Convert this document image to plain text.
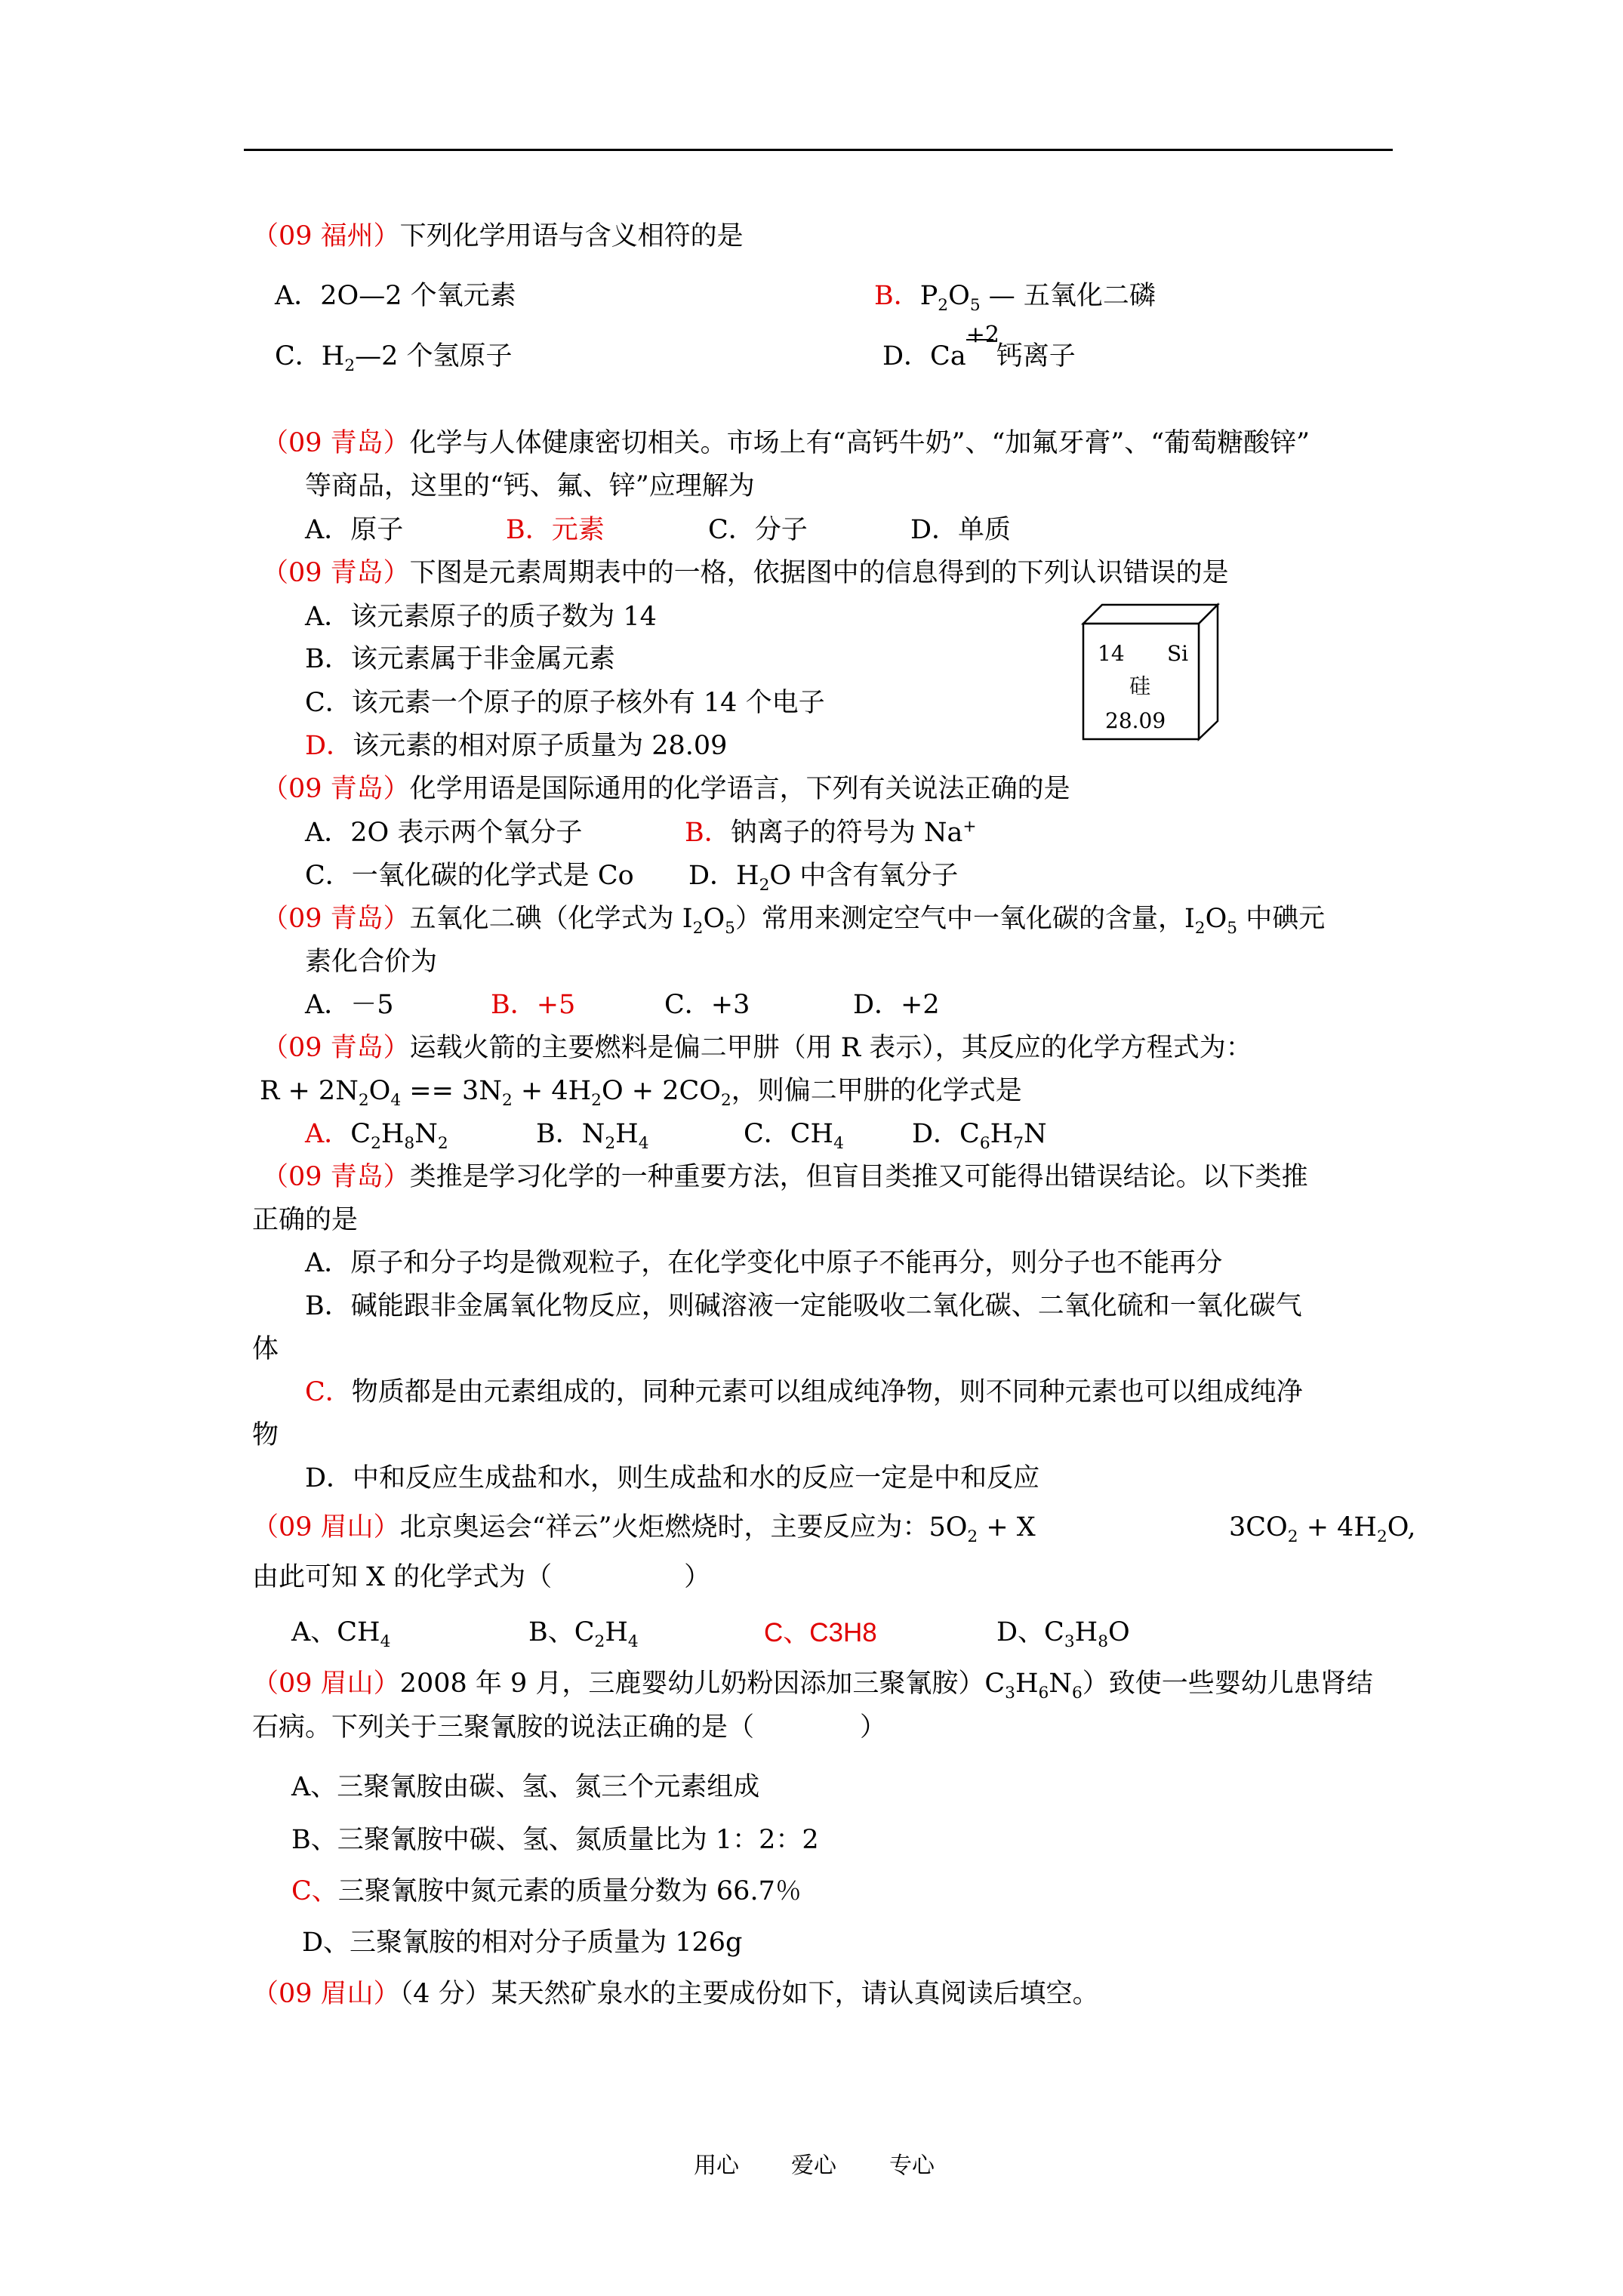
（09 福州）下列化学用语与含义相符的是
A．2O—2 个氧元素	B．$P_2O_5$ — 五氧化二磷
C．$H_2—2$ 个氢原子	D．Ca
+2
钙离子
（09 青岛）化学与人体健康密切相关。市场上有“高钙牛奶”、“加氟牙膏”、“葡萄糖酸锌”
等商品，这里的“钙、氟、锌”应理解为
A．原子	B．元素	C．分子	D．单质
（09 青岛）下图是元素周期表中的一格，依据图中的信息得到的下列认识错误的是
A．该元素原子的质子数为 14
B．该元素属于非金属元素
C．该元素一个原子的原子核外有 14 个电子
D．该元素的相对原子质量为 28.09
14 Si
硅
28.09
（09 青岛）化学用语是国际通用的化学语言，下列有关说法正确的是
A．2O 表示两个氧分子	B．钠离子的符号为 Na+
C．一氧化碳的化学式是 Co D．$H_2O$ 中含有氧分子
（09 青岛）五氧化二碘（化学式为 $I_2O_5$）常用来测定空气中一氧化碳的含量，$I_2O_5$ 中碘元
素化合价为
A．－5	B．+5	C．+3	D．+2
（09 青岛）运载火箭的主要燃料是偏二甲肼（用 R 表示），其反应的化学方程式为：
$R + 2N_2O_4 == 3N_2 + 4H_2O + 2CO_2$，则偏二甲肼的化学式是
A．$C_2H_8N_2$	B．$N_2H_4$	C．$CH_4$	D．$C_6H_7N$
（09 青岛）类推是学习化学的一种重要方法，但盲目类推又可能得出错误结论。以下类推
正确的是
A．原子和分子均是微观粒子，在化学变化中原子不能再分，则分子也不能再分
B．碱能跟非金属氧化物反应，则碱溶液一定能吸收二氧化碳、二氧化硫和一氧化碳气
体
C．物质都是由元素组成的，同种元素可以组成纯净物，则不同种元素也可以组成纯净
物
D．中和反应生成盐和水，则生成盐和水的反应一定是中和反应
（09 眉山）北京奥运会“祥云”火炬燃烧时，主要反应为：$5O_2 + X$	$3CO_2 + 4H_2O$,
由此可知 X 的化学式为（　　　　　）
A、$CH_4$	B、$C_2H_4$	C、C3H8	D、$C_3H_8O$
（09 眉山）2008 年 9 月，三鹿婴幼儿奶粉因添加三聚氰胺）$C_3H_6N_6$）致使一些婴幼儿患肾结
石病。下列关于三聚氰胺的说法正确的是（　　　　）
A、三聚氰胺由碳、氢、氮三个元素组成
B、三聚氰胺中碳、氢、氮质量比为 1：2：2
C、三聚氰胺中氮元素的质量分数为 66.7％
D、三聚氰胺的相对分子质量为 126g
（09 眉山）（4 分）某天然矿泉水的主要成份如下，请认真阅读后填空。
用心 爱心 专心
